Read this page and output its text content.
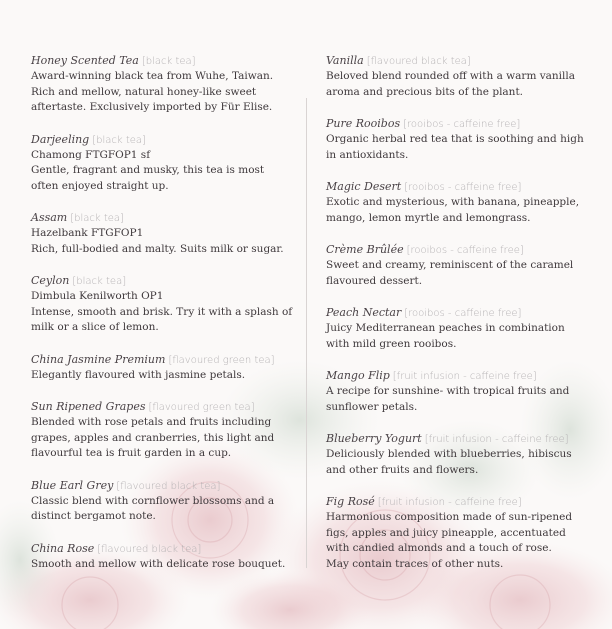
Honey Scented Tea [black tea]
Award-winning black tea from Wuhe, Taiwan.
Rich and mellow, natural honey-like sweet
aftertaste. Exclusively imported by Für Elise.
Darjeeling [black tea]
Chamong FTGFOP1 sf
Gentle, fragrant and musky, this tea is most
often enjoyed straight up.
Assam [black tea]
Hazelbank FTGFOP1
Rich, full-bodied and malty. Suits milk or sugar.
Ceylon [black tea]
Dimbula Kenilworth OP1
Intense, smooth and brisk. Try it with a splash of
milk or a slice of lemon.
China Jasmine Premium [flavoured green tea]
Elegantly flavoured with jasmine petals.
Sun Ripened Grapes [flavoured green tea]
Blended with rose petals and fruits including
grapes, apples and cranberries, this light and
flavourful tea is fruit garden in a cup.
Blue Earl Grey [flavoured black tea]
Classic blend with cornflower blossoms and a
distinct bergamot note.
China Rose [flavoured black tea]
Smooth and mellow with delicate rose bouquet.
Vanilla [flavoured black tea]
Beloved blend rounded off with a warm vanilla
aroma and precious bits of the plant.
Pure Rooibos [rooibos - caffeine free]
Organic herbal red tea that is soothing and high
in antioxidants.
Magic Desert [rooibos - caffeine free]
Exotic and mysterious, with banana, pineapple,
mango, lemon myrtle and lemongrass.
Crème Brûlée [rooibos - caffeine free]
Sweet and creamy, reminiscent of the caramel
flavoured dessert.
Peach Nectar [rooibos - caffeine free]
Juicy Mediterranean peaches in combination
with mild green rooibos.
Mango Flip [fruit infusion - caffeine free]
A recipe for sunshine- with tropical fruits and
sunflower petals.
Blueberry Yogurt [fruit infusion - caffeine free]
Deliciously blended with blueberries, hibiscus
and other fruits and flowers.
Fig Rosé [fruit infusion - caffeine free]
Harmonious composition made of sun-ripened
figs, apples and juicy pineapple, accentuated
with candied almonds and a touch of rose.
May contain traces of other nuts.
